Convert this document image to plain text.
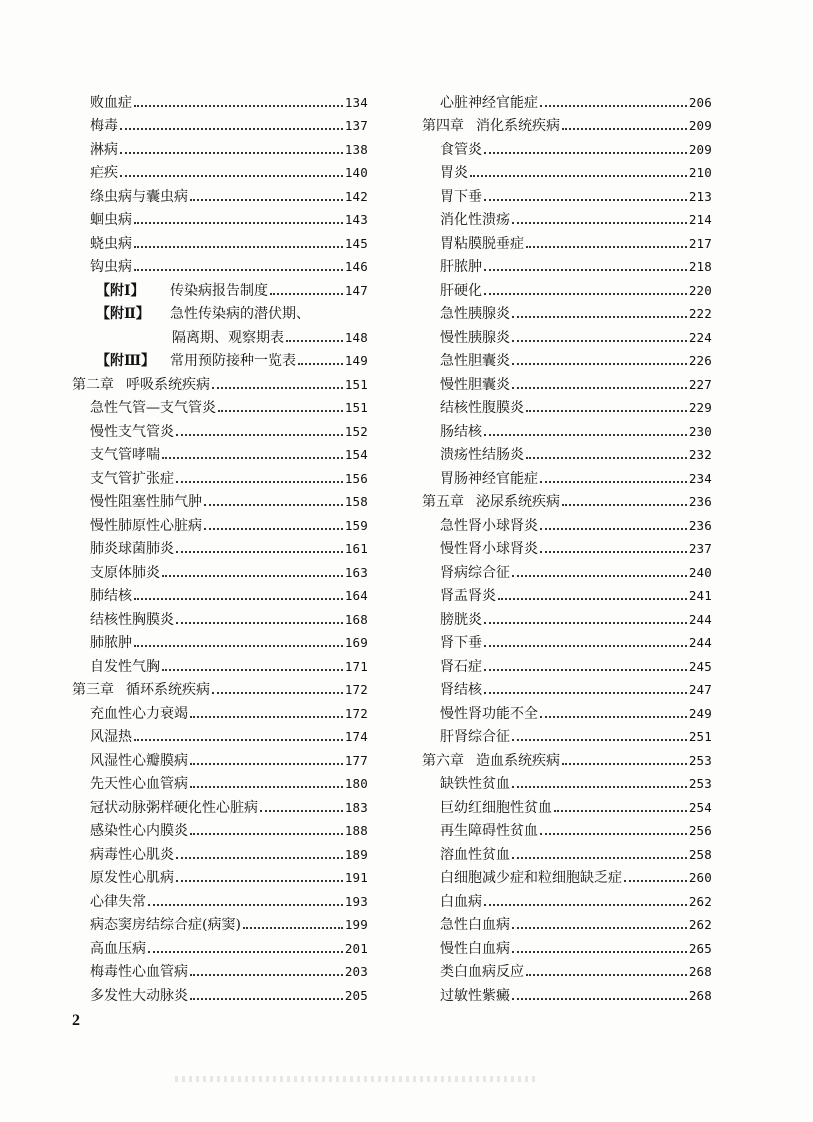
败血症	134
梅毒	137
淋病	138
疟疾	140
绦虫病与囊虫病	142
蛔虫病	143
蛲虫病	145
钩虫病	146
【附Ⅰ】 传染病报告制度	147
【附Ⅱ】 急性传染病的潜伏期、
隔离期、观察期表	148
【附Ⅲ】 常用预防接种一览表	149
第二章 呼吸系统疾病	151
急性气管—支气管炎	151
慢性支气管炎	152
支气管哮喘	154
支气管扩张症	156
慢性阻塞性肺气肿	158
慢性肺原性心脏病	159
肺炎球菌肺炎	161
支原体肺炎	163
肺结核	164
结核性胸膜炎	168
肺脓肿	169
自发性气胸	171
第三章 循环系统疾病	172
充血性心力衰竭	172
风湿热	174
风湿性心瓣膜病	177
先天性心血管病	180
冠状动脉粥样硬化性心脏病	183
感染性心内膜炎	188
病毒性心肌炎	189
原发性心肌病	191
心律失常	193
病态窦房结综合症(病窦)	199
高血压病	201
梅毒性心血管病	203
多发性大动脉炎	205
心脏神经官能症	206
第四章 消化系统疾病	209
食管炎	209
胃炎	210
胃下垂	213
消化性溃疡	214
胃粘膜脱垂症	217
肝脓肿	218
肝硬化	220
急性胰腺炎	222
慢性胰腺炎	224
急性胆囊炎	226
慢性胆囊炎	227
结核性腹膜炎	229
肠结核	230
溃疡性结肠炎	232
胃肠神经官能症	234
第五章 泌尿系统疾病	236
急性肾小球肾炎	236
慢性肾小球肾炎	237
肾病综合征	240
肾盂肾炎	241
膀胱炎	244
肾下垂	244
肾石症	245
肾结核	247
慢性肾功能不全	249
肝肾综合征	251
第六章 造血系统疾病	253
缺铁性贫血	253
巨幼红细胞性贫血	254
再生障碍性贫血	256
溶血性贫血	258
白细胞减少症和粒细胞缺乏症	260
白血病	262
急性白血病	262
慢性白血病	265
类白血病反应	268
过敏性紫癜	268
2
